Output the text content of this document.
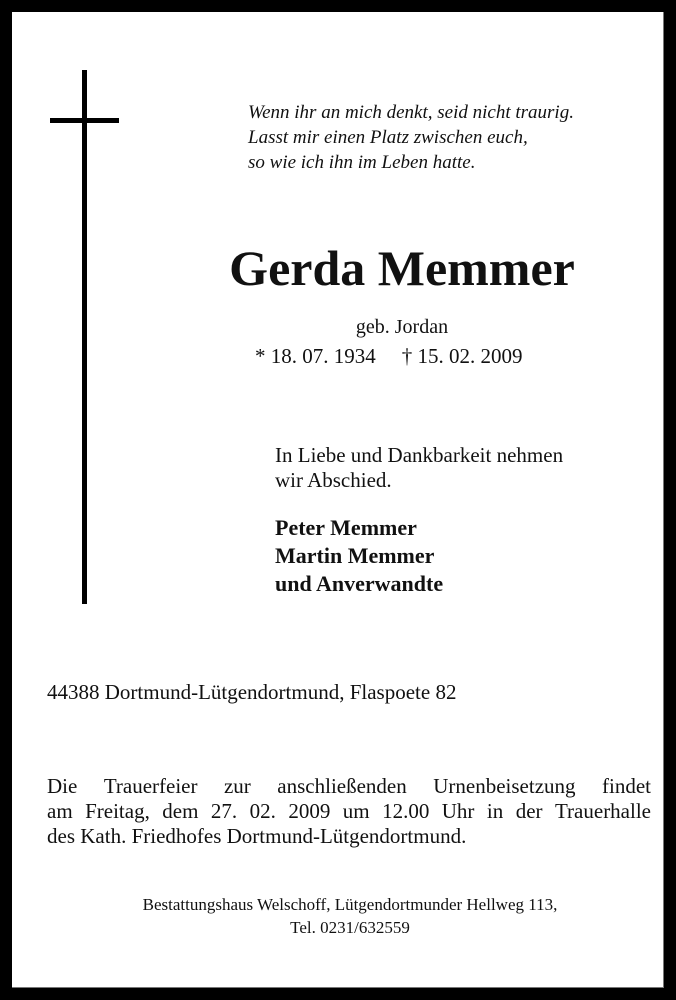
Wenn ihr an mich denkt, seid nicht traurig.
Lasst mir einen Platz zwischen euch,
so wie ich ihn im Leben hatte.
Gerda Memmer
geb. Jordan
* 18. 07. 1934 † 15. 02. 2009
In Liebe und Dankbarkeit nehmen
wir Abschied.
Peter Memmer
Martin Memmer
und Anverwandte
44388 Dortmund-Lütgendortmund, Flaspoete 82
Die Trauerfeier zur anschließenden Urnenbeisetzung findet
am Freitag, dem 27. 02. 2009 um 12.00 Uhr in der Trauerhalle
des Kath. Friedhofes Dortmund-Lütgendortmund.
Bestattungshaus Welschoff, Lütgendortmunder Hellweg 113,
Tel. 0231/632559
